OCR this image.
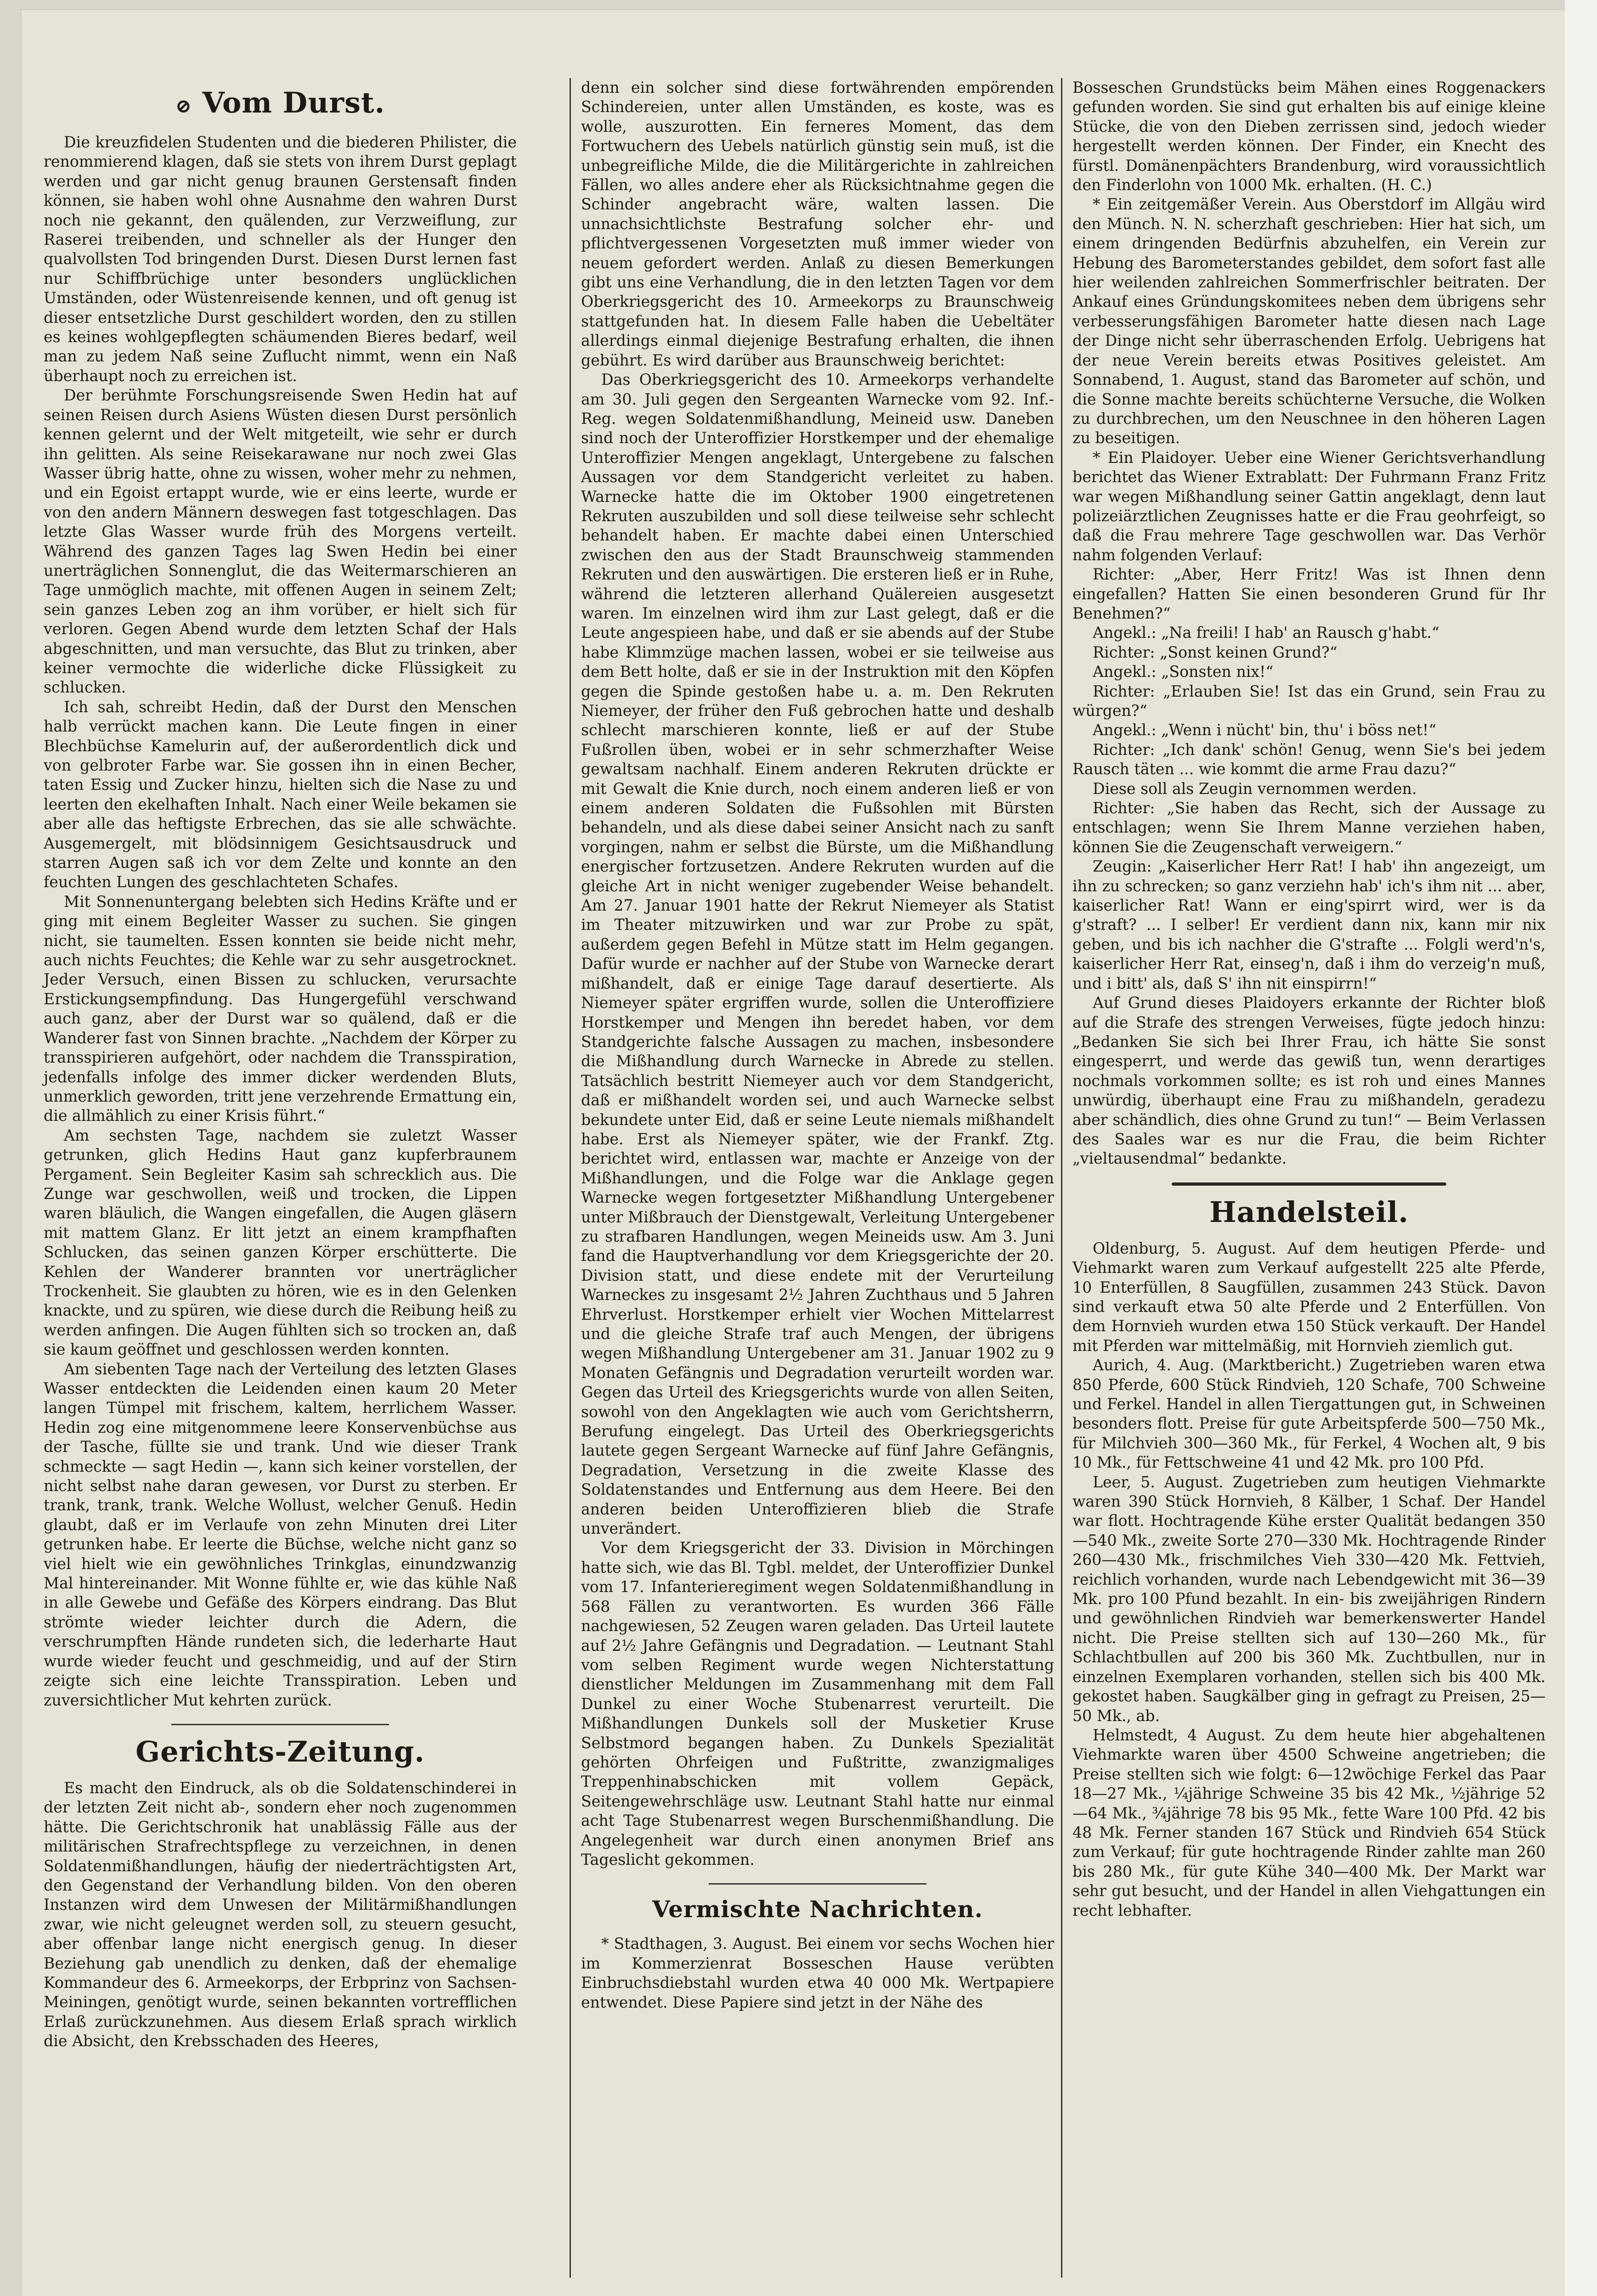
⊘ Vom Durst.

Die kreuzfidelen Studenten und die biederen Philister, die renommierend klagen, daß sie stets von ihrem Durst geplagt werden und gar nicht genug braunen Gerstensaft finden können, sie haben wohl ohne Ausnahme den wahren Durst noch nie gekannt, den quälenden, zur Verzweiflung, zur Raserei treibenden, und schneller als der Hunger den qualvollsten Tod bringenden Durst. Diesen Durst lernen fast nur Schiffbrüchige unter besonders unglücklichen Umständen, oder Wüstenreisende kennen, und oft genug ist dieser entsetzliche Durst geschildert worden, den zu stillen es keines wohlgepflegten schäumenden Bieres bedarf, weil man zu jedem Naß seine Zuflucht nimmt, wenn ein Naß überhaupt noch zu erreichen ist.

Der berühmte Forschungsreisende Swen Hedin hat auf seinen Reisen durch Asiens Wüsten diesen Durst persönlich kennen gelernt und der Welt mitgeteilt, wie sehr er durch ihn gelitten. Als seine Reisekarawane nur noch zwei Glas Wasser übrig hatte, ohne zu wissen, woher mehr zu nehmen, und ein Egoist ertappt wurde, wie er eins leerte, wurde er von den andern Männern deswegen fast totgeschlagen. Das letzte Glas Wasser wurde früh des Morgens verteilt. Während des ganzen Tages lag Swen Hedin bei einer unerträglichen Sonnenglut, die das Weitermarschieren an Tage unmöglich machte, mit offenen Augen in seinem Zelt; sein ganzes Leben zog an ihm vorüber, er hielt sich für verloren. Gegen Abend wurde dem letzten Schaf der Hals abgeschnitten, und man versuchte, das Blut zu trinken, aber keiner vermochte die widerliche dicke Flüssigkeit zu schlucken.

Ich sah, schreibt Hedin, daß der Durst den Menschen halb verrückt machen kann. Die Leute fingen in einer Blechbüchse Kamelurin auf, der außerordentlich dick und von gelbroter Farbe war. Sie gossen ihn in einen Becher, taten Essig und Zucker hinzu, hielten sich die Nase zu und leerten den ekelhaften Inhalt. Nach einer Weile bekamen sie aber alle das heftigste Erbrechen, das sie alle schwächte. Ausgemergelt, mit blödsinnigem Gesichtsausdruck und starren Augen saß ich vor dem Zelte und konnte an den feuchten Lungen des geschlachteten Schafes.

Mit Sonnenuntergang belebten sich Hedins Kräfte und er ging mit einem Begleiter Wasser zu suchen. Sie gingen nicht, sie taumelten. Essen konnten sie beide nicht mehr, auch nichts Feuchtes; die Kehle war zu sehr ausgetrocknet. Jeder Versuch, einen Bissen zu schlucken, verursachte Erstickungsempfindung. Das Hungergefühl verschwand auch ganz, aber der Durst war so quälend, daß er die Wanderer fast von Sinnen brachte. „Nachdem der Körper zu transspirieren aufgehört, oder nachdem die Transspiration, jedenfalls infolge des immer dicker werdenden Bluts, unmerklich geworden, tritt jene verzehrende Ermattung ein, die allmählich zu einer Krisis führt.“

Am sechsten Tage, nachdem sie zuletzt Wasser getrunken, glich Hedins Haut ganz kupferbraunem Pergament. Sein Begleiter Kasim sah schrecklich aus. Die Zunge war geschwollen, weiß und trocken, die Lippen waren bläulich, die Wangen eingefallen, die Augen gläsern mit mattem Glanz. Er litt jetzt an einem krampfhaften Schlucken, das seinen ganzen Körper erschütterte. Die Kehlen der Wanderer brannten vor unerträglicher Trockenheit. Sie glaubten zu hören, wie es in den Gelenken knackte, und zu spüren, wie diese durch die Reibung heiß zu werden anfingen. Die Augen fühlten sich so trocken an, daß sie kaum geöffnet und geschlossen werden konnten.

Am siebenten Tage nach der Verteilung des letzten Glases Wasser entdeckten die Leidenden einen kaum 20 Meter langen Tümpel mit frischem, kaltem, herrlichem Wasser. Hedin zog eine mitgenommene leere Konservenbüchse aus der Tasche, füllte sie und trank. Und wie dieser Trank schmeckte — sagt Hedin —, kann sich keiner vorstellen, der nicht selbst nahe daran gewesen, vor Durst zu sterben. Er trank, trank, trank. Welche Wollust, welcher Genuß. Hedin glaubt, daß er im Verlaufe von zehn Minuten drei Liter getrunken habe. Er leerte die Büchse, welche nicht ganz so viel hielt wie ein gewöhnliches Trinkglas, einundzwanzig Mal hintereinander. Mit Wonne fühlte er, wie das kühle Naß in alle Gewebe und Gefäße des Körpers eindrang. Das Blut strömte wieder leichter durch die Adern, die verschrumpften Hände rundeten sich, die lederharte Haut wurde wieder feucht und geschmeidig, und auf der Stirn zeigte sich eine leichte Transspiration. Leben und zuversichtlicher Mut kehrten zurück.

Gerichts-Zeitung.

Es macht den Eindruck, als ob die Soldatenschinderei in der letzten Zeit nicht ab-, sondern eher noch zugenommen hätte. Die Gerichtschronik hat unablässig Fälle aus der militärischen Strafrechtspflege zu verzeichnen, in denen Soldatenmißhandlungen, häufig der niederträchtigsten Art, den Gegenstand der Verhandlung bilden. Von den oberen Instanzen wird dem Unwesen der Militärmißhandlungen zwar, wie nicht geleugnet werden soll, zu steuern gesucht, aber offenbar lange nicht energisch genug. In dieser Beziehung gab unendlich zu denken, daß der ehemalige Kommandeur des 6. Armeekorps, der Erbprinz von Sachsen-Meiningen, genötigt wurde, seinen bekannten vortrefflichen Erlaß zurückzunehmen. Aus diesem Erlaß sprach wirklich die Absicht, den Krebsschaden des Heeres,

denn ein solcher sind diese fortwährenden empörenden Schindereien, unter allen Umständen, es koste, was es wolle, auszurotten. Ein ferneres Moment, das dem Fortwuchern des Uebels natürlich günstig sein muß, ist die unbegreifliche Milde, die die Militärgerichte in zahlreichen Fällen, wo alles andere eher als Rücksichtnahme gegen die Schinder angebracht wäre, walten lassen. Die unnachsichtlichste Bestrafung solcher ehr- und pflichtvergessenen Vorgesetzten muß immer wieder von neuem gefordert werden. Anlaß zu diesen Bemerkungen gibt uns eine Verhandlung, die in den letzten Tagen vor dem Oberkriegsgericht des 10. Armeekorps zu Braunschweig stattgefunden hat. In diesem Falle haben die Uebeltäter allerdings einmal diejenige Bestrafung erhalten, die ihnen gebührt. Es wird darüber aus Braunschweig berichtet:

Das Oberkriegsgericht des 10. Armeekorps verhandelte am 30. Juli gegen den Sergeanten Warnecke vom 92. Inf.-Reg. wegen Soldatenmißhandlung, Meineid usw. Daneben sind noch der Unteroffizier Horstkemper und der ehemalige Unteroffizier Mengen angeklagt, Untergebene zu falschen Aussagen vor dem Standgericht verleitet zu haben. Warnecke hatte die im Oktober 1900 eingetretenen Rekruten auszubilden und soll diese teilweise sehr schlecht behandelt haben. Er machte dabei einen Unterschied zwischen den aus der Stadt Braunschweig stammenden Rekruten und den auswärtigen. Die ersteren ließ er in Ruhe, während die letzteren allerhand Quälereien ausgesetzt waren. Im einzelnen wird ihm zur Last gelegt, daß er die Leute angespieen habe, und daß er sie abends auf der Stube habe Klimmzüge machen lassen, wobei er sie teilweise aus dem Bett holte, daß er sie in der Instruktion mit den Köpfen gegen die Spinde gestoßen habe u. a. m. Den Rekruten Niemeyer, der früher den Fuß gebrochen hatte und deshalb schlecht marschieren konnte, ließ er auf der Stube Fußrollen üben, wobei er in sehr schmerzhafter Weise gewaltsam nachhalf. Einem anderen Rekruten drückte er mit Gewalt die Knie durch, noch einem anderen ließ er von einem anderen Soldaten die Fußsohlen mit Bürsten behandeln, und als diese dabei seiner Ansicht nach zu sanft vorgingen, nahm er selbst die Bürste, um die Mißhandlung energischer fortzusetzen. Andere Rekruten wurden auf die gleiche Art in nicht weniger zugebender Weise behandelt. Am 27. Januar 1901 hatte der Rekrut Niemeyer als Statist im Theater mitzuwirken und war zur Probe zu spät, außerdem gegen Befehl in Mütze statt im Helm gegangen. Dafür wurde er nachher auf der Stube von Warnecke derart mißhandelt, daß er einige Tage darauf desertierte. Als Niemeyer später ergriffen wurde, sollen die Unteroffiziere Horstkemper und Mengen ihn beredet haben, vor dem Standgerichte falsche Aussagen zu machen, insbesondere die Mißhandlung durch Warnecke in Abrede zu stellen. Tatsächlich bestritt Niemeyer auch vor dem Standgericht, daß er mißhandelt worden sei, und auch Warnecke selbst bekundete unter Eid, daß er seine Leute niemals mißhandelt habe. Erst als Niemeyer später, wie der Frankf. Ztg. berichtet wird, entlassen war, machte er Anzeige von der Mißhandlungen, und die Folge war die Anklage gegen Warnecke wegen fortgesetzter Mißhandlung Untergebener unter Mißbrauch der Dienstgewalt, Verleitung Untergebener zu strafbaren Handlungen, wegen Meineids usw. Am 3. Juni fand die Hauptverhandlung vor dem Kriegsgerichte der 20. Division statt, und diese endete mit der Verurteilung Warneckes zu insgesamt 2½ Jahren Zuchthaus und 5 Jahren Ehrverlust. Horstkemper erhielt vier Wochen Mittelarrest und die gleiche Strafe traf auch Mengen, der übrigens wegen Mißhandlung Untergebener am 31. Januar 1902 zu 9 Monaten Gefängnis und Degradation verurteilt worden war. Gegen das Urteil des Kriegsgerichts wurde von allen Seiten, sowohl von den Angeklagten wie auch vom Gerichtsherrn, Berufung eingelegt. Das Urteil des Oberkriegsgerichts lautete gegen Sergeant Warnecke auf fünf Jahre Gefängnis, Degradation, Versetzung in die zweite Klasse des Soldatenstandes und Entfernung aus dem Heere. Bei den anderen beiden Unteroffizieren blieb die Strafe unverändert.

Vor dem Kriegsgericht der 33. Division in Mörchingen hatte sich, wie das Bl. Tgbl. meldet, der Unteroffizier Dunkel vom 17. Infanterieregiment wegen Soldatenmißhandlung in 568 Fällen zu verantworten. Es wurden 366 Fälle nachgewiesen, 52 Zeugen waren geladen. Das Urteil lautete auf 2½ Jahre Gefängnis und Degradation. — Leutnant Stahl vom selben Regiment wurde wegen Nichterstattung dienstlicher Meldungen im Zusammenhang mit dem Fall Dunkel zu einer Woche Stubenarrest verurteilt. Die Mißhandlungen Dunkels soll der Musketier Kruse Selbstmord begangen haben. Zu Dunkels Spezialität gehörten Ohrfeigen und Fußtritte, zwanzigmaliges Treppenhinabschicken mit vollem Gepäck, Seitengewehrschläge usw. Leutnant Stahl hatte nur einmal acht Tage Stubenarrest wegen Burschenmißhandlung. Die Angelegenheit war durch einen anonymen Brief ans Tageslicht gekommen.

Vermischte Nachrichten.

* Stadthagen, 3. August. Bei einem vor sechs Wochen hier im Kommerzienrat Bosseschen Hause verübten Einbruchsdiebstahl wurden etwa 40 000 Mk. Wertpapiere entwendet. Diese Papiere sind jetzt in der Nähe des

Bosseschen Grundstücks beim Mähen eines Roggenackers gefunden worden. Sie sind gut erhalten bis auf einige kleine Stücke, die von den Dieben zerrissen sind, jedoch wieder hergestellt werden können. Der Finder, ein Knecht des fürstl. Domänenpächters Brandenburg, wird voraussichtlich den Finderlohn von 1000 Mk. erhalten. (H. C.)

* Ein zeitgemäßer Verein. Aus Oberstdorf im Allgäu wird den Münch. N. N. scherzhaft geschrieben: Hier hat sich, um einem dringenden Bedürfnis abzuhelfen, ein Verein zur Hebung des Barometerstandes gebildet, dem sofort fast alle hier weilenden zahlreichen Sommerfrischler beitraten. Der Ankauf eines Gründungskomitees neben dem übrigens sehr verbesserungsfähigen Barometer hatte diesen nach Lage der Dinge nicht sehr überraschenden Erfolg. Uebrigens hat der neue Verein bereits etwas Positives geleistet. Am Sonnabend, 1. August, stand das Barometer auf schön, und die Sonne machte bereits schüchterne Versuche, die Wolken zu durchbrechen, um den Neuschnee in den höheren Lagen zu beseitigen.

* Ein Plaidoyer. Ueber eine Wiener Gerichtsverhandlung berichtet das Wiener Extrablatt: Der Fuhrmann Franz Fritz war wegen Mißhandlung seiner Gattin angeklagt, denn laut polizeiärztlichen Zeugnisses hatte er die Frau geohrfeigt, so daß die Frau mehrere Tage geschwollen war. Das Verhör nahm folgenden Verlauf:

Richter: „Aber, Herr Fritz! Was ist Ihnen denn eingefallen? Hatten Sie einen besonderen Grund für Ihr Benehmen?“

Angekl.: „Na freili! I hab' an Rausch g'habt.“

Richter: „Sonst keinen Grund?“

Angekl.: „Sonsten nix!“

Richter: „Erlauben Sie! Ist das ein Grund, sein Frau zu würgen?“

Angekl.: „Wenn i nücht' bin, thu' i böss net!“

Richter: „Ich dank' schön! Genug, wenn Sie's bei jedem Rausch täten ... wie kommt die arme Frau dazu?“

Diese soll als Zeugin vernommen werden.

Richter: „Sie haben das Recht, sich der Aussage zu entschlagen; wenn Sie Ihrem Manne verziehen haben, können Sie die Zeugenschaft verweigern.“

Zeugin: „Kaiserlicher Herr Rat! I hab' ihn angezeigt, um ihn zu schrecken; so ganz verziehn hab' ich's ihm nit ... aber, kaiserlicher Rat! Wann er eing'spirrt wird, wer is da g'straft? ... I selber! Er verdient dann nix, kann mir nix geben, und bis ich nachher die G'strafte ... Folgli werd'n's, kaiserlicher Herr Rat, einseg'n, daß i ihm do verzeig'n muß, und i bitt' als, daß S' ihn nit einspirrn!“

Auf Grund dieses Plaidoyers erkannte der Richter bloß auf die Strafe des strengen Verweises, fügte jedoch hinzu: „Bedanken Sie sich bei Ihrer Frau, ich hätte Sie sonst eingesperrt, und werde das gewiß tun, wenn derartiges nochmals vorkommen sollte; es ist roh und eines Mannes unwürdig, überhaupt eine Frau zu mißhandeln, geradezu aber schändlich, dies ohne Grund zu tun!“ — Beim Verlassen des Saales war es nur die Frau, die beim Richter „vieltausendmal“ bedankte.

Handelsteil.

Oldenburg, 5. August. Auf dem heutigen Pferde- und Viehmarkt waren zum Verkauf aufgestellt 225 alte Pferde, 10 Enterfüllen, 8 Saugfüllen, zusammen 243 Stück. Davon sind verkauft etwa 50 alte Pferde und 2 Enterfüllen. Von dem Hornvieh wurden etwa 150 Stück verkauft. Der Handel mit Pferden war mittelmäßig, mit Hornvieh ziemlich gut.

Aurich, 4. Aug. (Marktbericht.) Zugetrieben waren etwa 850 Pferde, 600 Stück Rindvieh, 120 Schafe, 700 Schweine und Ferkel. Handel in allen Tiergattungen gut, in Schweinen besonders flott. Preise für gute Arbeitspferde 500—750 Mk., für Milchvieh 300—360 Mk., für Ferkel, 4 Wochen alt, 9 bis 10 Mk., für Fettschweine 41 und 42 Mk. pro 100 Pfd.

Leer, 5. August. Zugetrieben zum heutigen Viehmarkte waren 390 Stück Hornvieh, 8 Kälber, 1 Schaf. Der Handel war flott. Hochtragende Kühe erster Qualität bedangen 350—540 Mk., zweite Sorte 270—330 Mk. Hochtragende Rinder 260—430 Mk., frischmilches Vieh 330—420 Mk. Fettvieh, reichlich vorhanden, wurde nach Lebendgewicht mit 36—39 Mk. pro 100 Pfund bezahlt. In ein- bis zweijährigen Rindern und gewöhnlichen Rindvieh war bemerkenswerter Handel nicht. Die Preise stellten sich auf 130—260 Mk., für Schlachtbullen auf 200 bis 360 Mk. Zuchtbullen, nur in einzelnen Exemplaren vorhanden, stellen sich bis 400 Mk. gekostet haben. Saugkälber ging in gefragt zu Preisen, 25—50 Mk., ab.

Helmstedt, 4 August. Zu dem heute hier abgehaltenen Viehmarkte waren über 4500 Schweine angetrieben; die Preise stellten sich wie folgt: 6—12wöchige Ferkel das Paar 18—27 Mk., ¼jährige Schweine 35 bis 42 Mk., ½jährige 52—64 Mk., ¾jährige 78 bis 95 Mk., fette Ware 100 Pfd. 42 bis 48 Mk. Ferner standen 167 Stück und Rindvieh 654 Stück zum Verkauf; für gute hochtragende Rinder zahlte man 260 bis 280 Mk., für gute Kühe 340—400 Mk. Der Markt war sehr gut besucht, und der Handel in allen Viehgattungen ein recht lebhafter.
